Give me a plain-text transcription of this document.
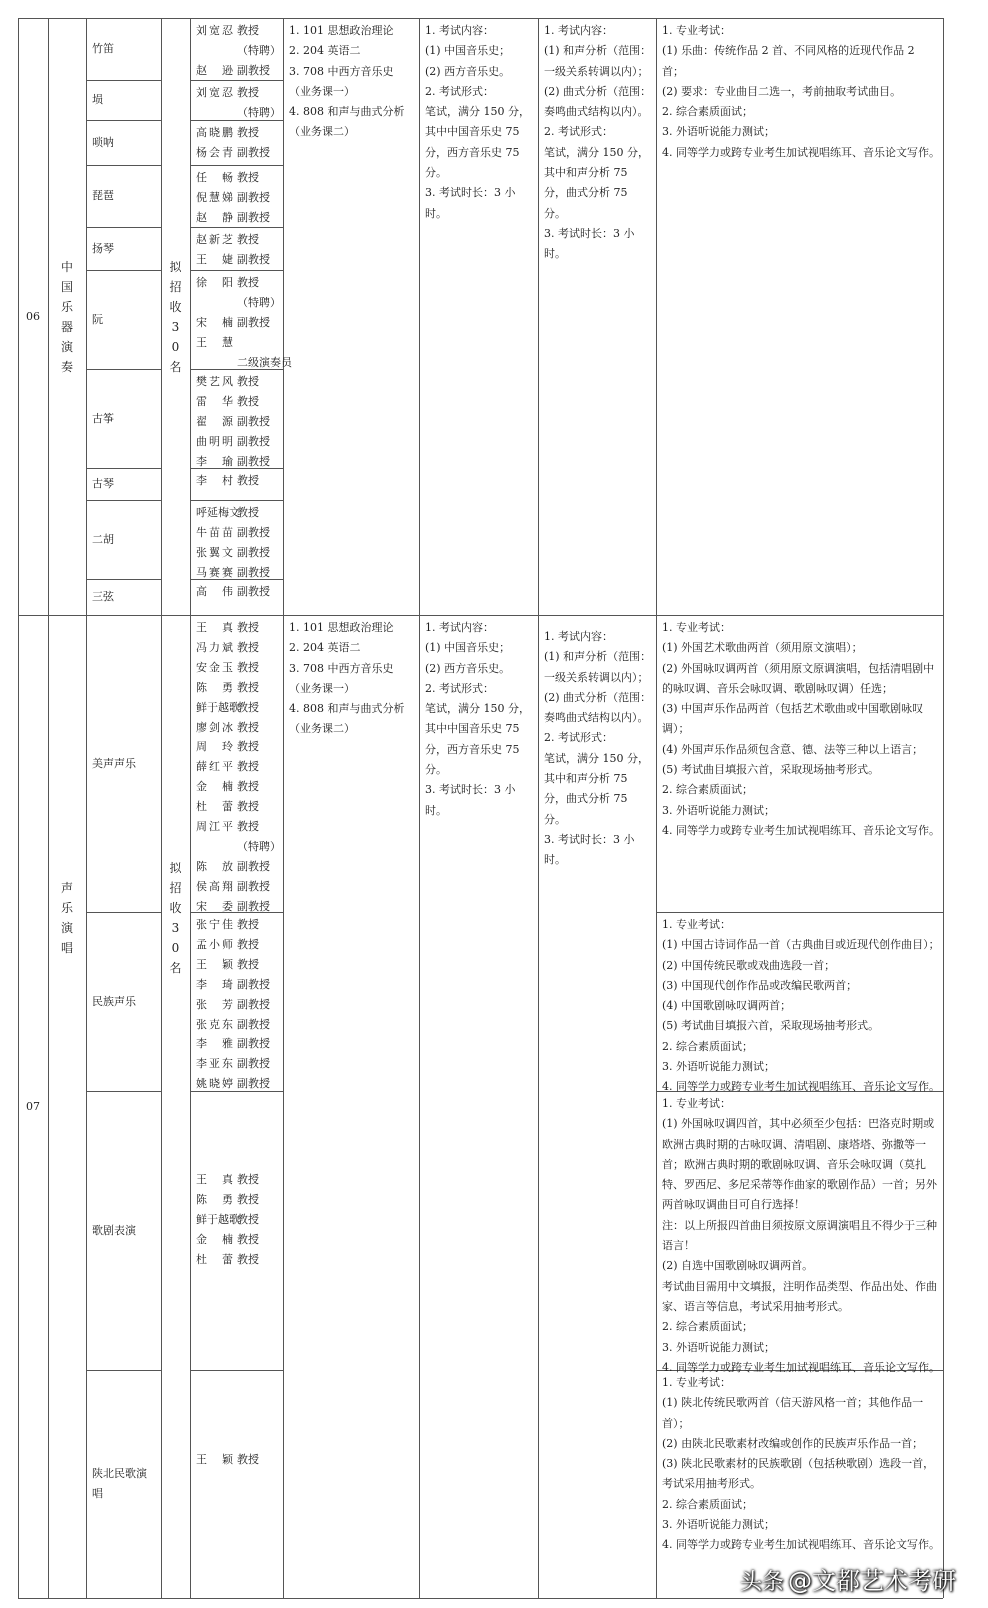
06
中国乐器演奏
拟招收30名
竹笛
刘宽忍 教授
（特聘）
赵 逊 副教授
埙
刘宽忍 教授
（特聘）
唢呐
高晓鹏 教授
杨会青 副教授
琵琶
任 畅 教授
倪慧娣 副教授
赵 静 副教授
扬琴
赵新芝 教授
王 婕 副教授
阮
徐 阳 教授
（特聘）
宋 楠 副教授
王 慧
二级演奏员
古筝
樊艺风 教授
雷 华 教授
翟 源 副教授
曲明明 副教授
李 瑜 副教授
古琴	李 村 教授
二胡
呼延梅文
教授
牛苗苗 副教授
张翼文 副教授
马赛赛 副教授
三弦	高 伟 副教授
1. 101 思想政治理论
2. 204 英语二
3. 708 中西方音乐史
（业务课一）
4. 808 和声与曲式分析
（业务课二）
1. 考试内容：
(1) 中国音乐史；
(2) 西方音乐史。
2. 考试形式：
笔试，满分 150 分，其中中国音乐史 75 分，西方音乐史 75 分。
3. 考试时长：3 小时。
1. 考试内容：
(1) 和声分析（范围：一级关系转调以内）；
(2) 曲式分析（范围：奏鸣曲式结构以内）。
2. 考试形式：
笔试，满分 150 分，其中和声分析 75 分，曲式分析 75 分。
3. 考试时长：3 小时。
1. 专业考试：
(1) 乐曲：传统作品 2 首、不同风格的近现代作品 2 首；
(2) 要求：专业曲目二选一，考前抽取考试曲目。
2. 综合素质面试；
3. 外语听说能力测试；
4. 同等学力或跨专业考生加试视唱练耳、音乐论文写作。
07
声乐演唱
拟招收30名
1. 101 思想政治理论
2. 204 英语二
3. 708 中西方音乐史
（业务课一）
4. 808 和声与曲式分析
（业务课二）
1. 考试内容：
(1) 中国音乐史；
(2) 西方音乐史。
2. 考试形式：
笔试，满分 150 分，其中中国音乐史 75 分，西方音乐史 75 分。
3. 考试时长：3 小时。
1. 考试内容：
(1) 和声分析（范围：一级关系转调以内）；
(2) 曲式分析（范围：奏鸣曲式结构以内）。
2. 考试形式：
笔试，满分 150 分，其中和声分析 75 分，曲式分析 75 分。
3. 考试时长：3 小时。
美声声乐
王 真 教授
冯力斌 教授
安金玉 教授
陈 勇 教授
鲜于越歌
教授
廖剑冰 教授
周 玲 教授
薛红平 教授
金 楠 教授
杜 蕾 教授
周江平 教授
（特聘）
陈 放 副教授
侯高翔 副教授
宋 委 副教授
1. 专业考试：
(1) 外国艺术歌曲两首（须用原文演唱）；
(2) 外国咏叹调两首（须用原文原调演唱，包括清唱剧中的咏叹调、音乐会咏叹调、歌剧咏叹调）任选；
(3) 中国声乐作品两首（包括艺术歌曲或中国歌剧咏叹调）；
(4) 外国声乐作品须包含意、德、法等三种以上语言；
(5) 考试曲目填报六首，采取现场抽考形式。
2. 综合素质面试；
3. 外语听说能力测试；
4. 同等学力或跨专业考生加试视唱练耳、音乐论文写作。
民族声乐
张宁佳 教授
孟小师 教授
王 颖 教授
李 琦 副教授
张 芳 副教授
张克东 副教授
李 雅 副教授
李亚东 副教授
姚晓婷 副教授
1. 专业考试：
(1) 中国古诗词作品一首（古典曲目或近现代创作曲目）；
(2) 中国传统民歌或戏曲选段一首；
(3) 中国现代创作作品或改编民歌两首；
(4) 中国歌剧咏叹调两首；
(5) 考试曲目填报六首，采取现场抽考形式。
2. 综合素质面试；
3. 外语听说能力测试；
4. 同等学力或跨专业考生加试视唱练耳、音乐论文写作。
歌剧表演
王 真 教授
陈 勇 教授
鲜于越歌
教授
金 楠 教授
杜 蕾 教授
1. 专业考试：
(1) 外国咏叹调四首，其中必须至少包括：巴洛克时期或欧洲古典时期的古咏叹调、清唱剧、康塔塔、弥撒等一首；欧洲古典时期的歌剧咏叹调、音乐会咏叹调（莫扎特、罗西尼、多尼采蒂等作曲家的歌剧作品）一首；另外两首咏叹调曲目可自行选择！
注：以上所报四首曲目须按原文原调演唱且不得少于三种语言！
(2) 自选中国歌剧咏叹调两首。
考试曲目需用中文填报，注明作品类型、作品出处、作曲家、语言等信息，考试采用抽考形式。
2. 综合素质面试；
3. 外语听说能力测试；
4. 同等学力或跨专业考生加试视唱练耳、音乐论文写作。
陕北民歌演唱
王 颖 教授
1. 专业考试：
(1) 陕北传统民歌两首（信天游风格一首；其他作品一首）；
(2) 由陕北民歌素材改编或创作的民族声乐作品一首；
(3) 陕北民歌素材的民族歌剧（包括秧歌剧）选段一首，考试采用抽考形式。
2. 综合素质面试；
3. 外语听说能力测试；
4. 同等学力或跨专业考生加试视唱练耳、音乐论文写作。
头条 @文都艺术考研
